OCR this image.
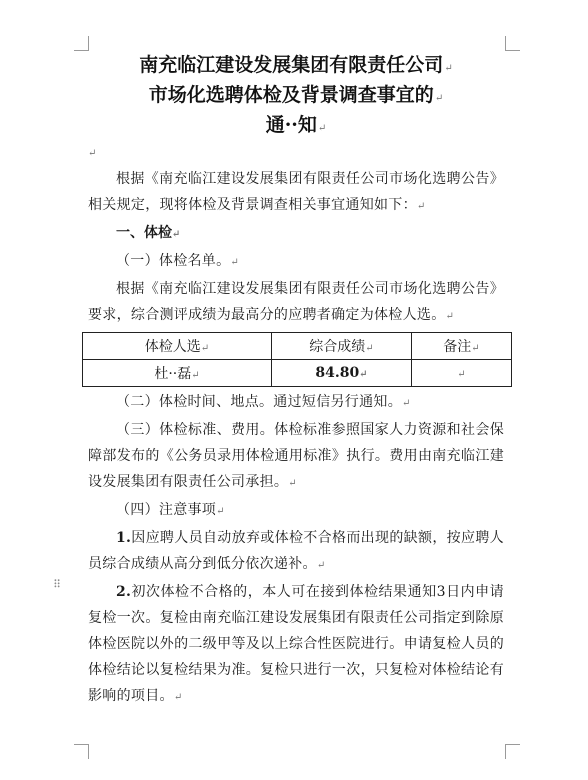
⠿
南充临江建设发展集团有限责任公司↵
市场化选聘体检及背景调查事宜的↵
通··知↵
↵

根据《南充临江建设发展集团有限责任公司市场化选聘公告》相关规定，现将体检及背景调查相关事宜通知如下：↵

一、体检↵

（一）体检名单。↵

根据《南充临江建设发展集团有限责任公司市场化选聘公告》要求，综合测评成绩为最高分的应聘者确定为体检人选。↵

体检人选↵	综合成绩↵	备注↵
杜··磊↵	84.80↵	↵

（二）体检时间、地点。通过短信另行通知。↵

（三）体检标准、费用。体检标准参照国家人力资源和社会保障部发布的《公务员录用体检通用标准》执行。费用由南充临江建设发展集团有限责任公司承担。↵

（四）注意事项↵

1.因应聘人员自动放弃或体检不合格而出现的缺额，按应聘人员综合成绩从高分到低分依次递补。↵

2.初次体检不合格的，本人可在接到体检结果通知3日内申请复检一次。复检由南充临江建设发展集团有限责任公司指定到除原体检医院以外的二级甲等及以上综合性医院进行。申请复检人员的体检结论以复检结果为准。复检只进行一次，只复检对体检结论有影响的项目。↵
